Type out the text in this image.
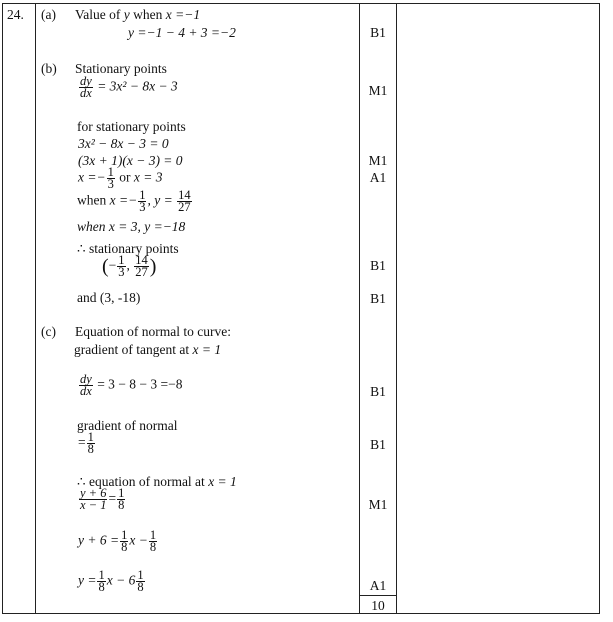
24. (a) Value of y when x =−1
y =−1 − 4 + 3 =−2	B1
(b) Stationary points
$\frac{dy}{dx} = 3x^2 - 8x - 3$	M1
for stationary points
3x² − 8x − 3 = 0
(3x + 1)(x − 3) = 0	M1
$x =- \frac{1}{3}$ or x = 3	A1
when $x =- \frac{1}{3}$ , $y = \frac{14}{27}$
when x = 3, y =−18
∴ stationary points
(− $\frac{1}{3}$ , $\frac{14}{27}$ )	B1
and (3, -18)	B1
(c) Equation of normal to curve:
gradient of tangent at x = 1
$\frac{dy}{dx} = 3 - 8 - 3 =-8$	B1
gradient of normal
= $\frac{1}{8}$	B1
∴ equation of normal at x = 1
$\frac{y + 6}{x - 1} = \frac{1}{8}$	M1
$y + 6 = \frac{1}{8}$ $x - \frac{1}{8}$
$y = \frac{1}{8}$ $x - 6 \frac{1}{8}$	A1
10
